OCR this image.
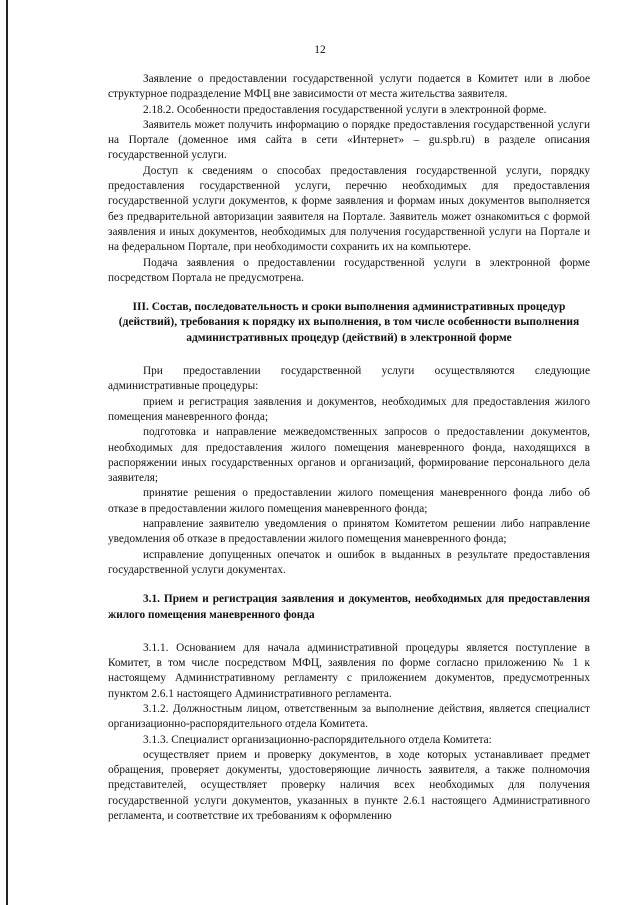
12

Заявление о предоставлении государственной услуги подается в Комитет или в любое структурное подразделение МФЦ вне зависимости от места жительства заявителя.

2.18.2. Особенности предоставления государственной услуги в электронной форме.

Заявитель может получить информацию о порядке предоставления государственной услуги на Портале (доменное имя сайта в сети «Интернет» – gu.spb.ru) в разделе описания государственной услуги.

Доступ к сведениям о способах предоставления государственной услуги, порядку предоставления государственной услуги, перечню необходимых для предоставления государственной услуги документов, к форме заявления и формам иных документов выполняется без предварительной авторизации заявителя на Портале. Заявитель может ознакомиться с формой заявления и иных документов, необходимых для получения государственной услуги на Портале и на федеральном Портале, при необходимости сохранить их на компьютере.

Подача заявления о предоставлении государственной услуги в электронной форме посредством Портала не предусмотрена.

III. Состав, последовательность и сроки выполнения административных процедур (действий), требования к порядку их выполнения, в том числе особенности выполнения административных процедур (действий) в электронной форме

При предоставлении государственной услуги осуществляются следующие административные процедуры:

прием и регистрация заявления и документов, необходимых для предоставления жилого помещения маневренного фонда;

подготовка и направление межведомственных запросов о предоставлении документов, необходимых для предоставления жилого помещения маневренного фонда, находящихся в распоряжении иных государственных органов и организаций, формирование персонального дела заявителя;

принятие решения о предоставлении жилого помещения маневренного фонда либо об отказе в предоставлении жилого помещения маневренного фонда;

направление заявителю уведомления о принятом Комитетом решении либо направление уведомления об отказе в предоставлении жилого помещения маневренного фонда;

исправление допущенных опечаток и ошибок в выданных в результате предоставления государственной услуги документах.

3.1. Прием и регистрация заявления и документов, необходимых для предоставления жилого помещения маневренного фонда

3.1.1. Основанием для начала административной процедуры является поступление в Комитет, в том числе посредством МФЦ, заявления по форме согласно приложению № 1 к настоящему Административному регламенту с приложением документов, предусмотренных пунктом 2.6.1 настоящего Административного регламента.

3.1.2. Должностным лицом, ответственным за выполнение действия, является специалист организационно-распорядительного отдела Комитета.

3.1.3. Специалист организационно-распорядительного отдела Комитета:

осуществляет прием и проверку документов, в ходе которых устанавливает предмет обращения, проверяет документы, удостоверяющие личность заявителя, а также полномочия представителей, осуществляет проверку наличия всех необходимых для получения государственной услуги документов, указанных в пункте 2.6.1 настоящего Административного регламента, и соответствие их требованиям к оформлению
